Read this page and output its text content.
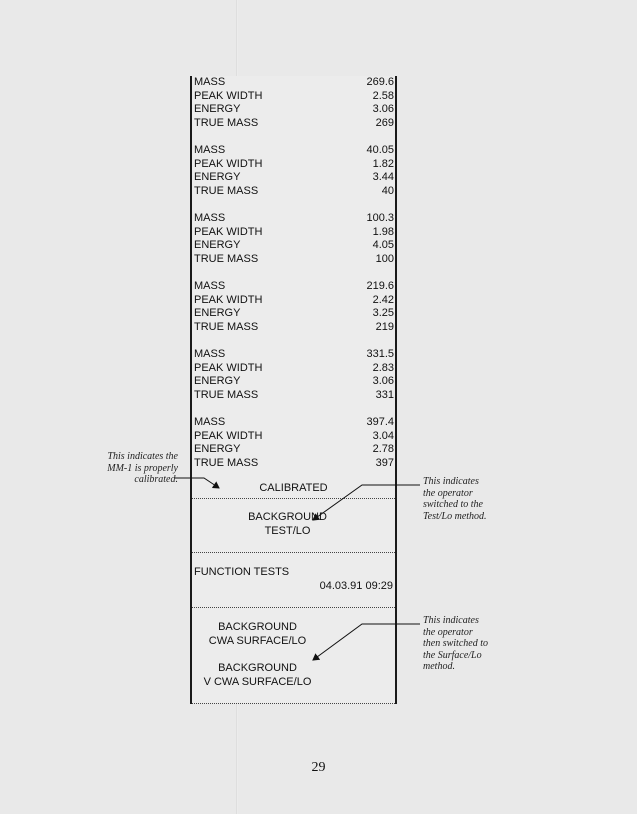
MASS	269.6
PEAK WIDTH	2.58
ENERGY	3.06
TRUE MASS	269
MASS	40.05
PEAK WIDTH	1.82
ENERGY	3.44
TRUE MASS	40
MASS	100.3
PEAK WIDTH	1.98
ENERGY	4.05
TRUE MASS	100
MASS	219.6
PEAK WIDTH	2.42
ENERGY	3.25
TRUE MASS	219
MASS	331.5
PEAK WIDTH	2.83
ENERGY	3.06
TRUE MASS	331
MASS	397.4
PEAK WIDTH	3.04
ENERGY	2.78
TRUE MASS	397
CALIBRATED
BACKGROUND
TEST/LO
FUNCTION TESTS
04.03.91 09:29
BACKGROUND
CWA SURFACE/LO
BACKGROUND
V CWA SURFACE/LO
This indicates the
MM-1 is properly
calibrated.	This indicates
the operator
switched to the
Test/Lo method.
This indicates
the operator
then switched to
the Surface/Lo
method.
29
